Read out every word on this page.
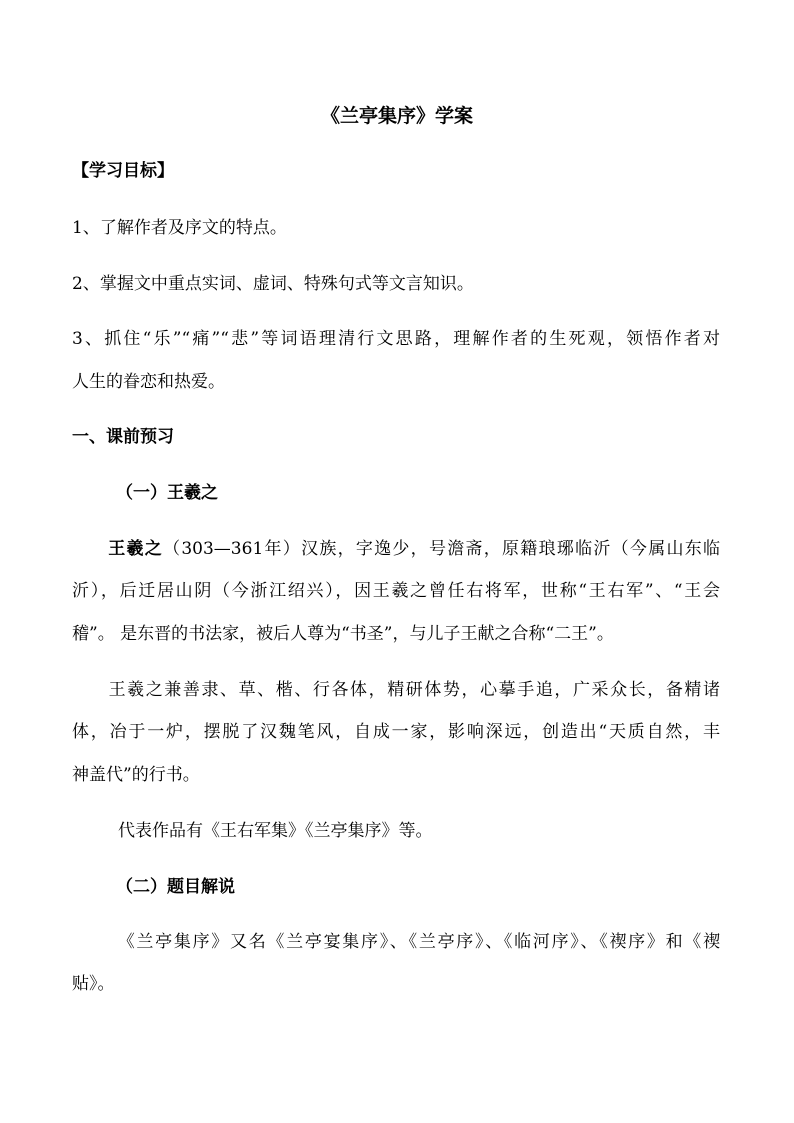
《兰亭集序》学案
【学习目标】
1、了解作者及序文的特点。
2、掌握文中重点实词、虚词、特殊句式等文言知识。
3、抓住“乐”“痛”“悲”等词语理清行文思路，理解作者的生死观，领悟作者对
人生的眷恋和热爱。
一、课前预习
（一）王羲之
王羲之（303—361年）汉族，字逸少，号澹斋，原籍琅琊临沂（今属山东临
沂），后迁居山阴（今浙江绍兴），因王羲之曾任右将军，世称“王右军”、“王会
稽”。 是东晋的书法家，被后人尊为“书圣”，与儿子王献之合称“二王”。
王羲之兼善隶、草、楷、行各体，精研体势，心摹手追，广采众长，备精诸
体，冶于一炉，摆脱了汉魏笔风，自成一家，影响深远，创造出“天质自然，丰
神盖代”的行书。
代表作品有《王右军集》《兰亭集序》等。
（二）题目解说
《兰亭集序》又名《兰亭宴集序》、《兰亭序》、《临河序》、《禊序》和《禊
贴》。
